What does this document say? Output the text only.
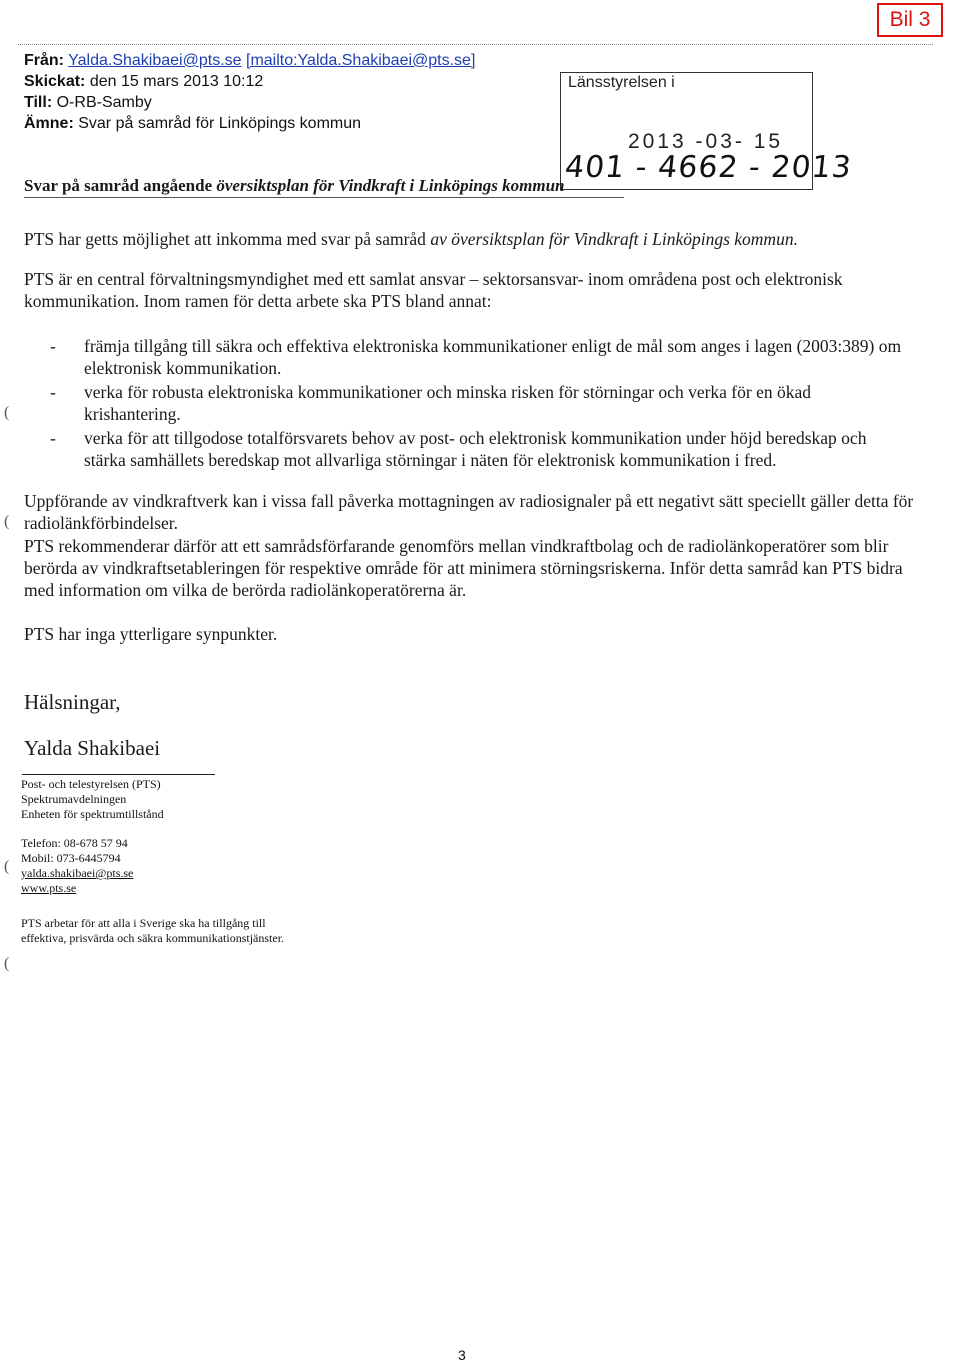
Bil 3
Från: Yalda.Shakibaei@pts.se [mailto:Yalda.Shakibaei@pts.se]
Skickat: den 15 mars 2013 10:12
Till: O-RB-Samby
Ämne: Svar på samråd för Linköpings kommun
Länsstyrelsen i
2013 -03- 15
401 - 4662 - 2013
Svar på samråd angående översiktsplan för Vindkraft i Linköpings kommun
PTS har getts möjlighet att inkomma med svar på samråd av översiktsplan för Vindkraft i Linköpings kommun.
PTS är en central förvaltningsmyndighet med ett samlat ansvar – sektorsansvar- inom områdena post och elektronisk kommunikation. Inom ramen för detta arbete ska PTS bland annat:
-	främja tillgång till säkra och effektiva elektroniska kommunikationer enligt de mål som anges i lagen (2003:389) om elektronisk kommunikation.
-	verka för robusta elektroniska kommunikationer och minska risken för störningar och verka för en ökad krishantering.
-	verka för att tillgodose totalförsvarets behov av post- och elektronisk kommunikation under höjd beredskap och stärka samhällets beredskap mot allvarliga störningar i näten för elektronisk kommunikation i fred.
Uppförande av vindkraftverk kan i vissa fall påverka mottagningen av radiosignaler på ett negativt sätt speciellt gäller detta för radiolänkförbindelser.
PTS rekommenderar därför att ett samrådsförfarande genomförs mellan vindkraftbolag och de radiolänkoperatörer som blir berörda av vindkraftsetableringen för respektive område för att minimera störningsriskerna. Inför detta samråd kan PTS bidra med information om vilka de berörda radiolänkoperatörerna är.
PTS har inga ytterligare synpunkter.
Hälsningar,
Yalda Shakibaei
Post- och telestyrelsen (PTS)
Spektrumavdelningen
Enheten för spektrumtillstånd
Telefon: 08-678 57 94
Mobil: 073-6445794
yalda.shakibaei@pts.se
www.pts.se
PTS arbetar för att alla i Sverige ska ha tillgång till
effektiva, prisvärda och säkra kommunikationstjänster.
(
(
(
(
3
